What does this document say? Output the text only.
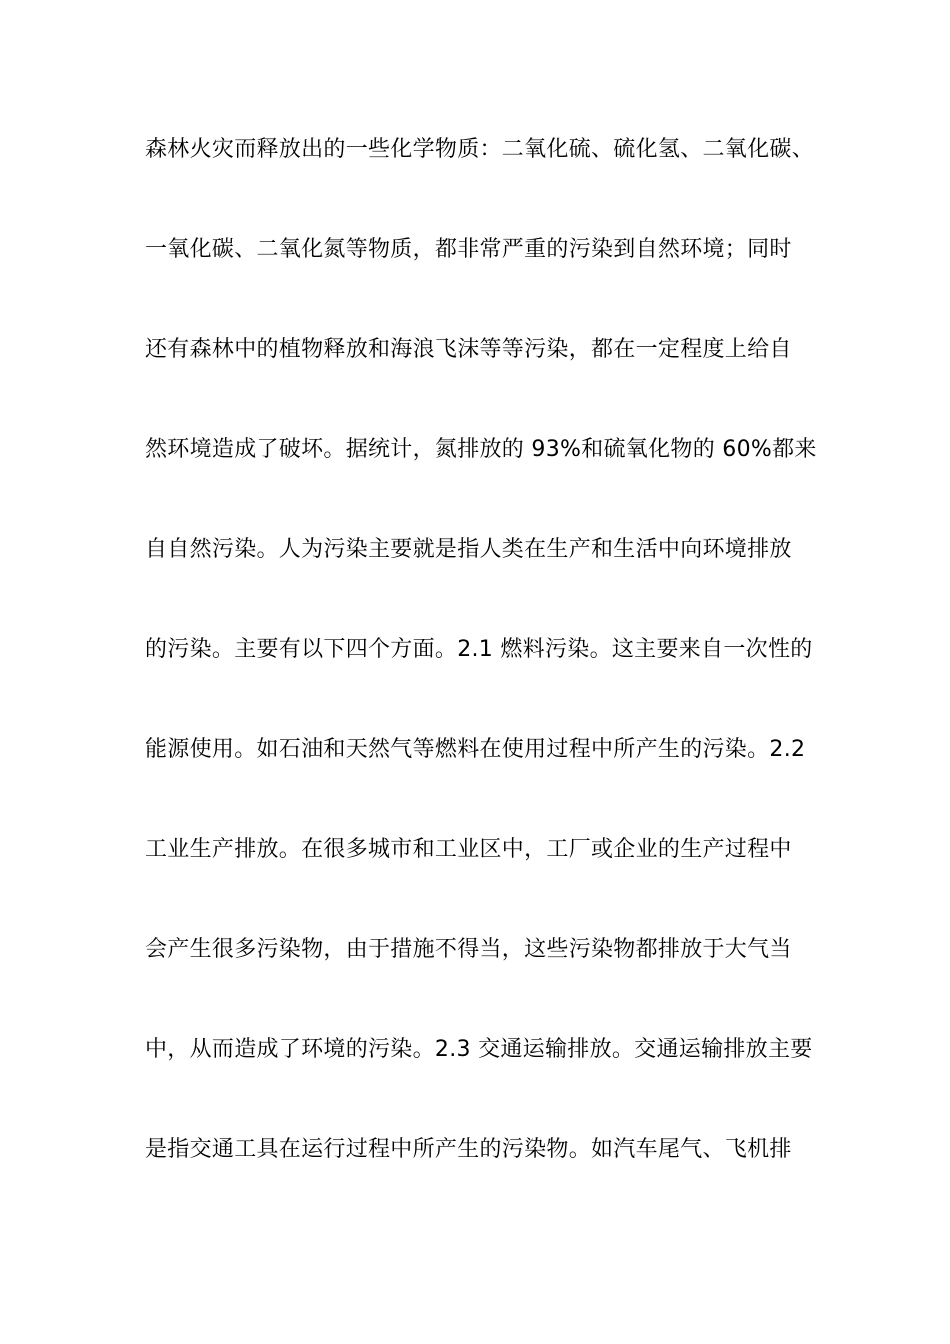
森林火灾而释放出的一些化学物质：二氧化硫、硫化氢、二氧化碳、
一氧化碳、二氧化氮等物质，都非常严重的污染到自然环境；同时
还有森林中的植物释放和海浪飞沫等等污染，都在一定程度上给自
然环境造成了破坏。据统计，氮排放的 93%和硫氧化物的 60%都来
自自然污染。人为污染主要就是指人类在生产和生活中向环境排放
的污染。主要有以下四个方面。2.1 燃料污染。这主要来自一次性的
能源使用。如石油和天然气等燃料在使用过程中所产生的污染。2.2
工业生产排放。在很多城市和工业区中，工厂或企业的生产过程中
会产生很多污染物，由于措施不得当，这些污染物都排放于大气当
中，从而造成了环境的污染。2.3 交通运输排放。交通运输排放主要
是指交通工具在运行过程中所产生的污染物。如汽车尾气、飞机排
